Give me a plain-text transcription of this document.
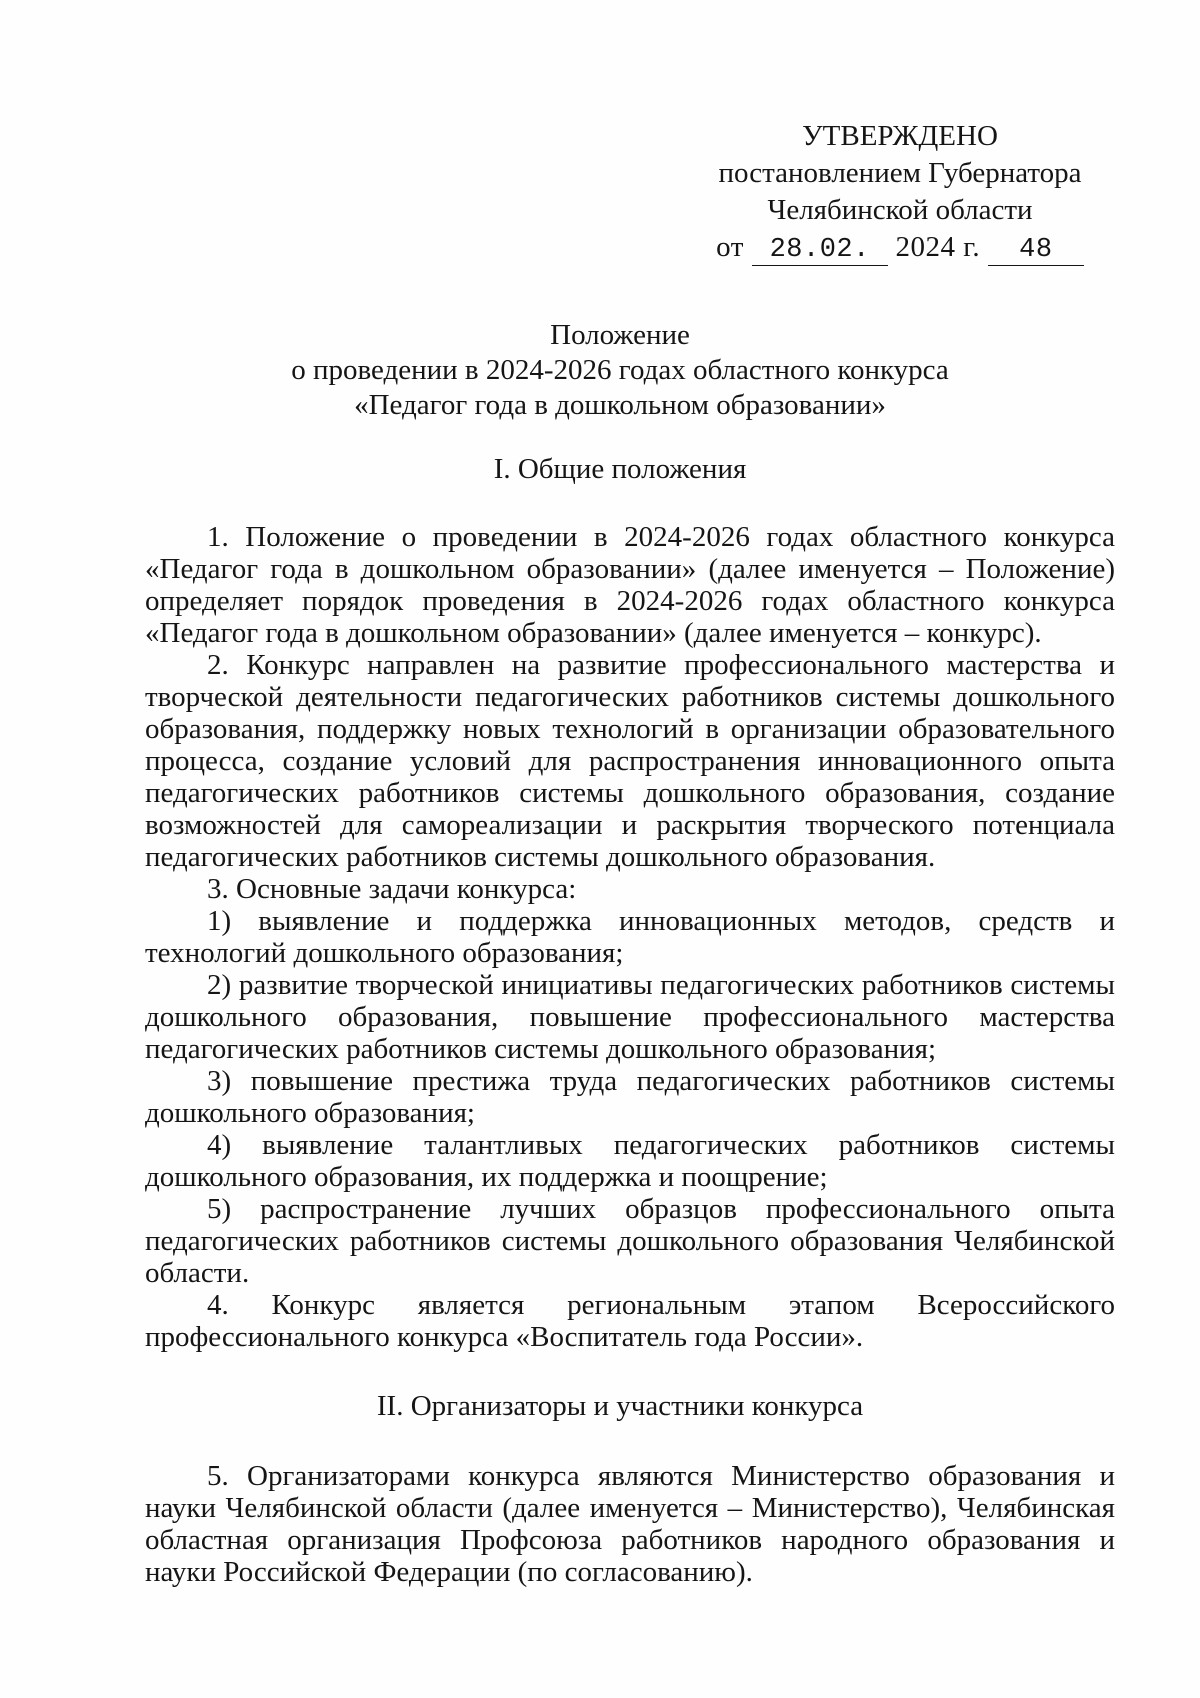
УТВЕРЖДЕНО
постановлением Губернатора
Челябинской области
от 28.02. 2024 г. 48
Положение
о проведении в 2024-2026 годах областного конкурса
«Педагог года в дошкольном образовании»
I. Общие положения

1. Положение о проведении в 2024-2026 годах областного конкурса «Педагог года в дошкольном образовании» (далее именуется – Положение) определяет порядок проведения в 2024-2026 годах областного конкурса «Педагог года в дошкольном образовании» (далее именуется – конкурс).

2. Конкурс направлен на развитие профессионального мастерства и творческой деятельности педагогических работников системы дошкольного образования, поддержку новых технологий в организации образовательного процесса, создание условий для распространения инновационного опыта педагогических работников системы дошкольного образования, создание возможностей для самореализации и раскрытия творческого потенциала педагогических работников системы дошкольного образования.

3. Основные задачи конкурса:

1) выявление и поддержка инновационных методов, средств и технологий дошкольного образования;

2) развитие творческой инициативы педагогических работников системы дошкольного образования, повышение профессионального мастерства педагогических работников системы дошкольного образования;

3) повышение престижа труда педагогических работников системы дошкольного образования;

4) выявление талантливых педагогических работников системы дошкольного образования, их поддержка и поощрение;

5) распространение лучших образцов профессионального опыта педагогических работников системы дошкольного образования Челябинской области.

4. Конкурс является региональным этапом Всероссийского профессионального конкурса «Воспитатель года России».

II. Организаторы и участники конкурса

5. Организаторами конкурса являются Министерство образования и науки Челябинской области (далее именуется – Министерство), Челябинская областная организация Профсоюза работников народного образования и науки Российской Федерации (по согласованию).
